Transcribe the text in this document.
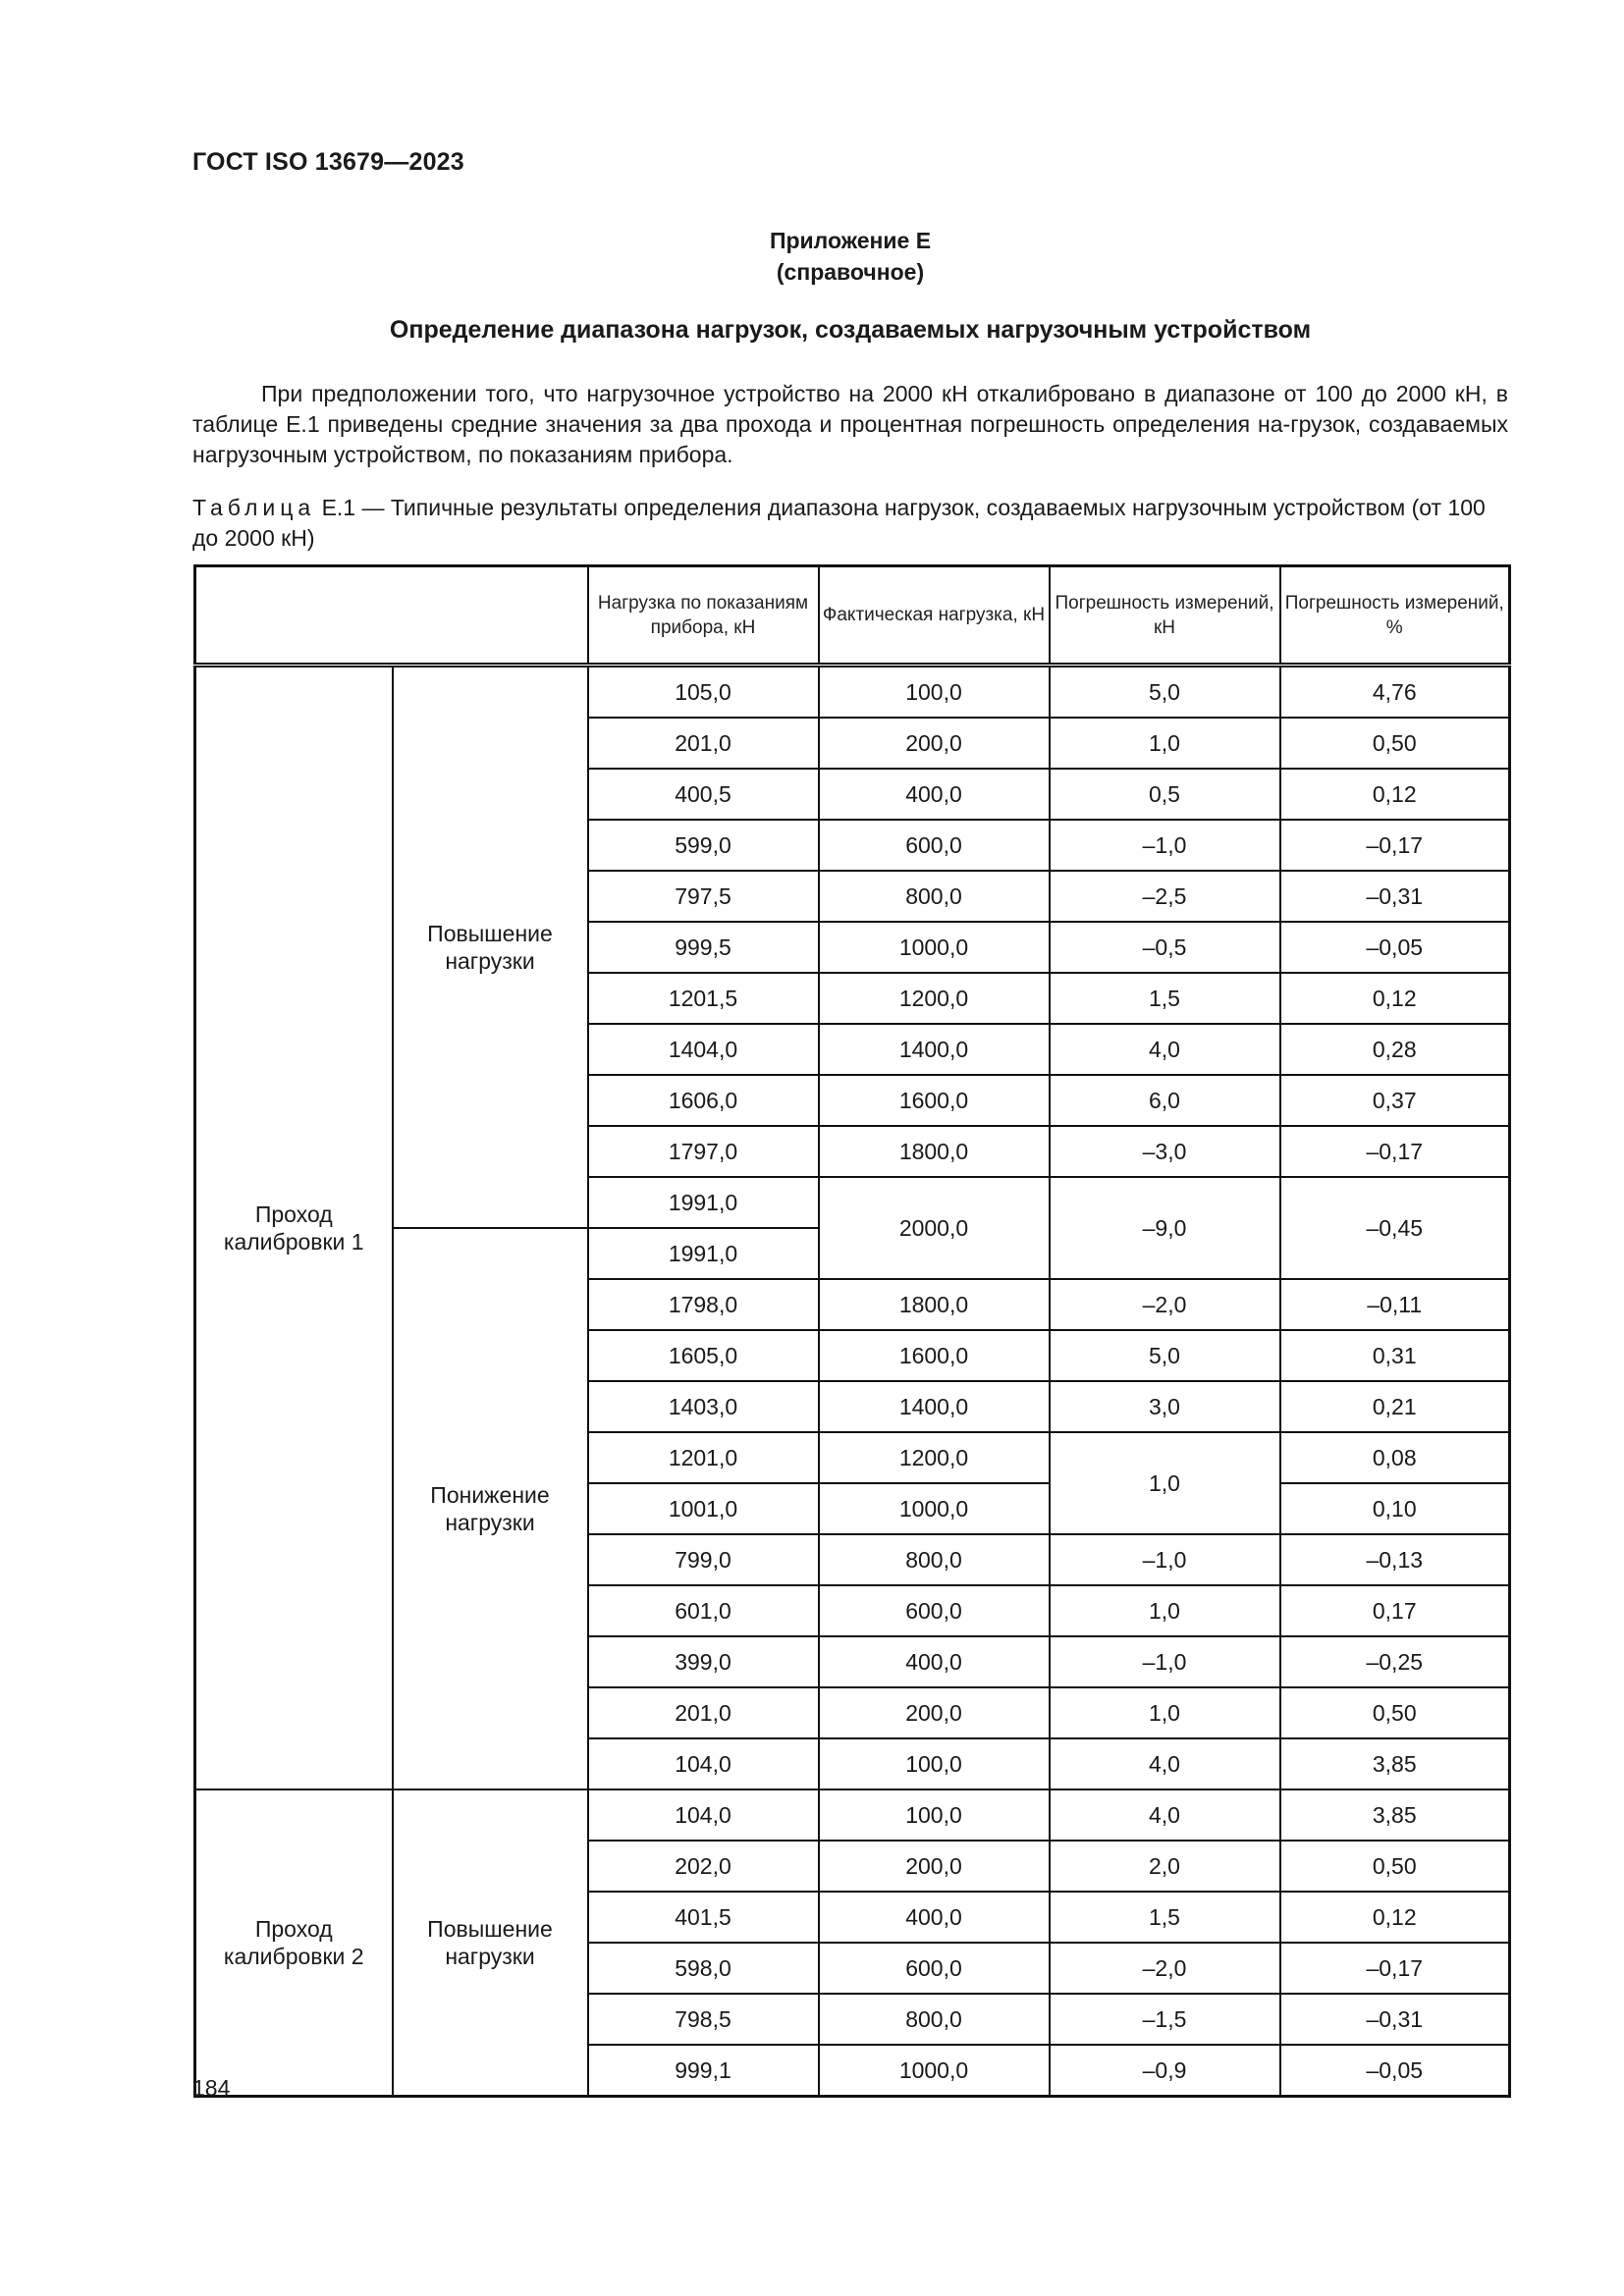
ГОСТ ISO 13679—2023
Приложение Е
(справочное)
Определение диапазона нагрузок, создаваемых нагрузочным устройством

При предположении того, что нагрузочное устройство на 2000 кН откалибровано в диапазоне от 100 до 2000 кН, в таблице Е.1 приведены средние значения за два прохода и процентная погрешность определения на-грузок, создаваемых нагрузочным устройством, по показаниям прибора.

Таблица Е.1 — Типичные результаты определения диапазона нагрузок, создаваемых нагрузочным устройством (от 100 до 2000 кН)

		Нагрузка по показаниям прибора, кН	Фактическая нагрузка, кН	Погрешность измерений, кН	Погрешность измерений, %
Проход калибровки 1	Повышение нагрузки	105,0	100,0	5,0	4,76
		201,0	200,0	1,0	0,50
		400,5	400,0	0,5	0,12
		599,0	600,0	–1,0	–0,17
		797,5	800,0	–2,5	–0,31
		999,5	1000,0	–0,5	–0,05
		1201,5	1200,0	1,5	0,12
		1404,0	1400,0	4,0	0,28
		1606,0	1600,0	6,0	0,37
		1797,0	1800,0	–3,0	–0,17
		1991,0	2000,0	–9,0	–0,45
	Понижение нагрузки	1991,0			
		1798,0	1800,0	–2,0	–0,11
		1605,0	1600,0	5,0	0,31
		1403,0	1400,0	3,0	0,21
		1201,0	1200,0	1,0	0,08
		1001,0	1000,0		0,10
		799,0	800,0	–1,0	–0,13
		601,0	600,0	1,0	0,17
		399,0	400,0	–1,0	–0,25
		201,0	200,0	1,0	0,50
		104,0	100,0	4,0	3,85
Проход калибровки 2	Повышение нагрузки	104,0	100,0	4,0	3,85
		202,0	200,0	2,0	0,50
		401,5	400,0	1,5	0,12
		598,0	600,0	–2,0	–0,17
		798,5	800,0	–1,5	–0,31
		999,1	1000,0	–0,9	–0,05
184
